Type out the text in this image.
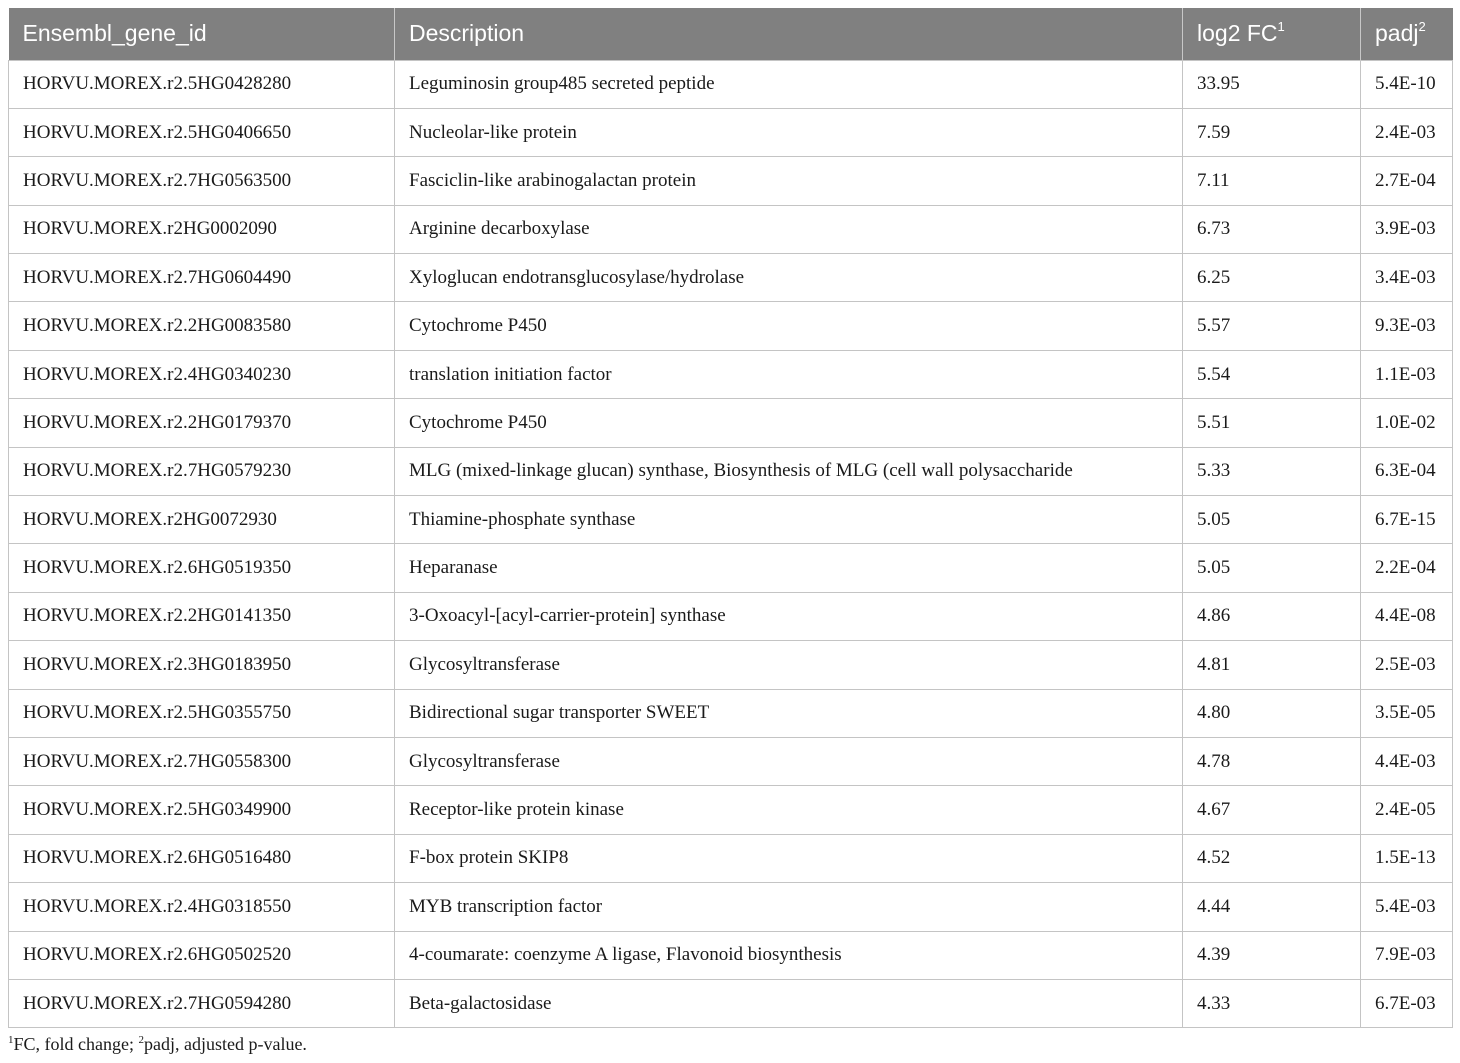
Ensembl_gene_id	Description	log2 $FC^1$	padj$^2$
HORVU.MOREX.r2.5HG0428280	Leguminosin group485 secreted peptide	33.95	5.4E-10
HORVU.MOREX.r2.5HG0406650	Nucleolar-like protein	7.59	2.4E-03
HORVU.MOREX.r2.7HG0563500	Fasciclin-like arabinogalactan protein	7.11	2.7E-04
HORVU.MOREX.r2HG0002090	Arginine decarboxylase	6.73	3.9E-03
HORVU.MOREX.r2.7HG0604490	Xyloglucan endotransglucosylase/hydrolase	6.25	3.4E-03
HORVU.MOREX.r2.2HG0083580	Cytochrome P450	5.57	9.3E-03
HORVU.MOREX.r2.4HG0340230	translation initiation factor	5.54	1.1E-03
HORVU.MOREX.r2.2HG0179370	Cytochrome P450	5.51	1.0E-02
HORVU.MOREX.r2.7HG0579230	MLG (mixed-linkage glucan) synthase, Biosynthesis of MLG (cell wall polysaccharide	5.33	6.3E-04
HORVU.MOREX.r2HG0072930	Thiamine-phosphate synthase	5.05	6.7E-15
HORVU.MOREX.r2.6HG0519350	Heparanase	5.05	2.2E-04
HORVU.MOREX.r2.2HG0141350	3-Oxoacyl-[acyl-carrier-protein] synthase	4.86	4.4E-08
HORVU.MOREX.r2.3HG0183950	Glycosyltransferase	4.81	2.5E-03
HORVU.MOREX.r2.5HG0355750	Bidirectional sugar transporter SWEET	4.80	3.5E-05
HORVU.MOREX.r2.7HG0558300	Glycosyltransferase	4.78	4.4E-03
HORVU.MOREX.r2.5HG0349900	Receptor-like protein kinase	4.67	2.4E-05
HORVU.MOREX.r2.6HG0516480	F-box protein SKIP8	4.52	1.5E-13
HORVU.MOREX.r2.4HG0318550	MYB transcription factor	4.44	5.4E-03
HORVU.MOREX.r2.6HG0502520	4-coumarate: coenzyme A ligase, Flavonoid biosynthesis	4.39	7.9E-03
HORVU.MOREX.r2.7HG0594280	Beta-galactosidase	4.33	6.7E-03
$^1$FC, fold change; $^2$padj, adjusted p-value.
